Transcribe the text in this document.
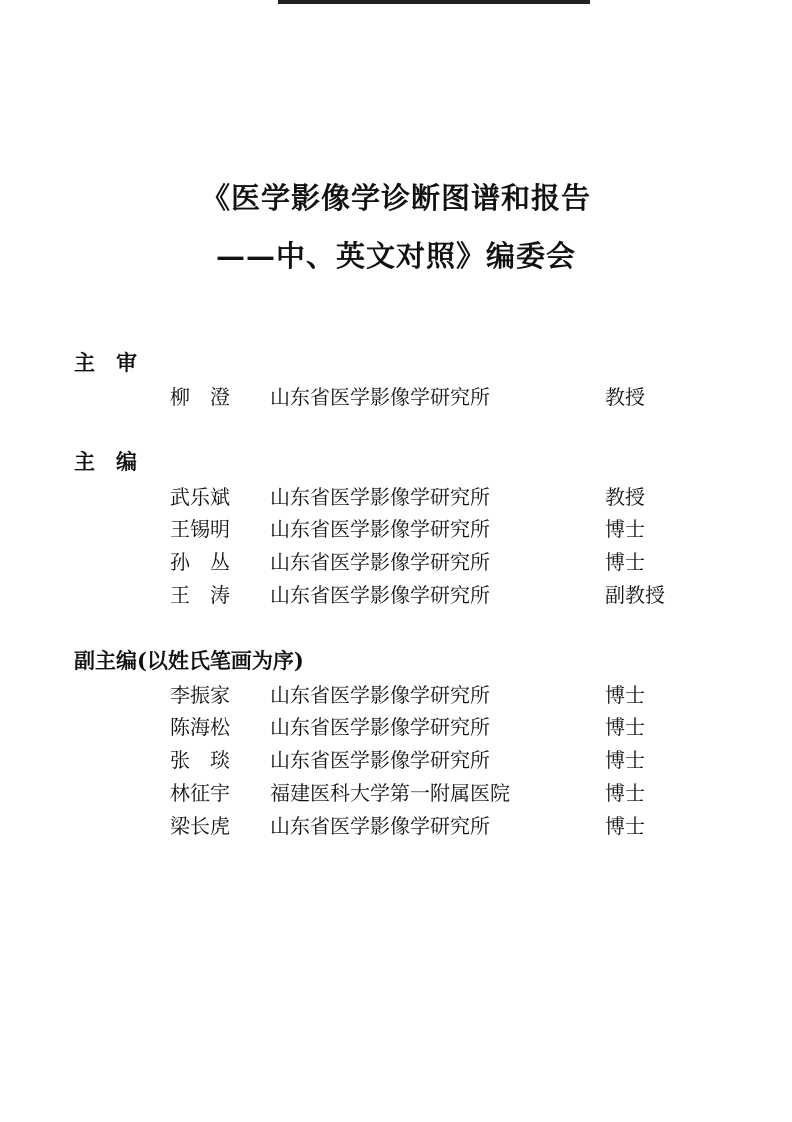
《医学影像学诊断图谱和报告
——中、英文对照》编委会
主　审
柳　澄 山东省医学影像学研究所	教授
主　编
武乐斌 山东省医学影像学研究所	教授
王锡明 山东省医学影像学研究所	博士
孙　丛 山东省医学影像学研究所	博士
王　涛 山东省医学影像学研究所	副教授
副主编(以姓氏笔画为序)
李振家 山东省医学影像学研究所	博士
陈海松 山东省医学影像学研究所	博士
张　琰 山东省医学影像学研究所	博士
林征宇 福建医科大学第一附属医院	博士
梁长虎 山东省医学影像学研究所	博士
